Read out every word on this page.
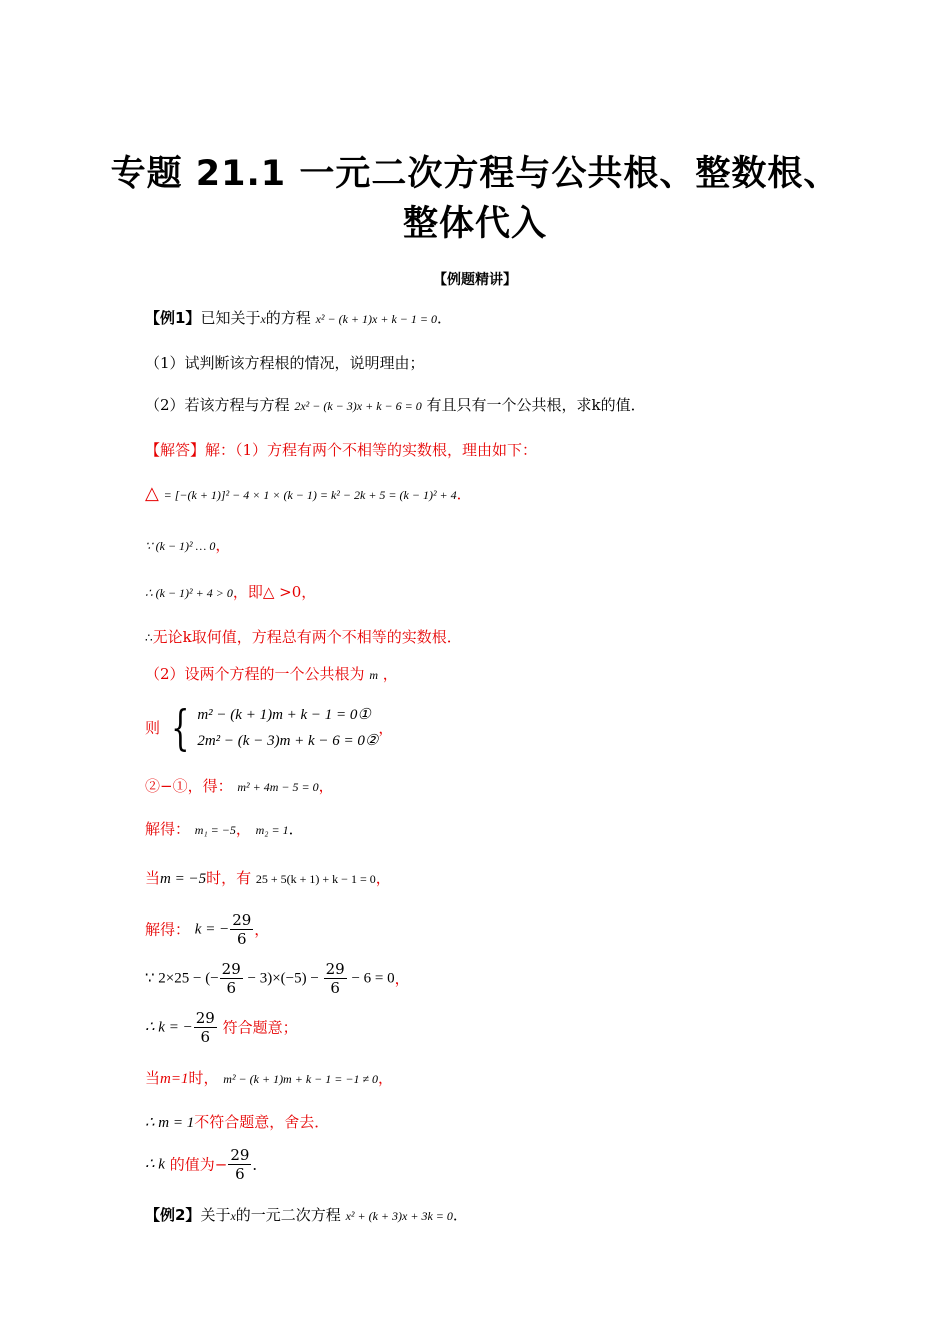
专题 21.1 一元二次方程与公共根、整数根、
整体代入
【例题精讲】
【例1】已知关于x的方程 x² − (k + 1)x + k − 1 = 0．
（1）试判断该方程根的情况，说明理由；
（2）若该方程与方程 2x² − (k − 3)x + k − 6 = 0 有且只有一个公共根，求k的值．
【解答】解：（1）方程有两个不相等的实数根，理由如下：
△ = [−(k + 1)]² − 4 × 1 × (k − 1) = k² − 2k + 5 = (k − 1)² + 4．
∵ (k − 1)² … 0，
∴ (k − 1)² + 4 > 0，即△ >0，
∴无论k取何值，方程总有两个不相等的实数根．
（2）设两个方程的一个公共根为 m ，
则 { m² − (k + 1)m + k − 1 = 0①
2m² − (k − 3)m + k − 6 = 0②
，
②−①，得： m² + 4m − 5 = 0，
解得： m₁ = −5， m₂ = 1．
当m = −5时，有 25 + 5(k + 1) + k − 1 = 0，
解得： k = − $\frac{29}{6}$ ，
∵ 2×25 − (− $\frac{29}{6} - 3)\times(-5) - \frac{29}{6} - 6 = 0$，
∴ k = − $\frac{29}{6}$ 符合题意；
当m=1时， m² − (k + 1)m + k − 1 = −1 ≠ 0，
∴ m = 1不符合题意，舍去．
∴ k 的值为− $\frac{29}{6}$ ．
【例2】关于x的一元二次方程 x² + (k + 3)x + 3k = 0．
